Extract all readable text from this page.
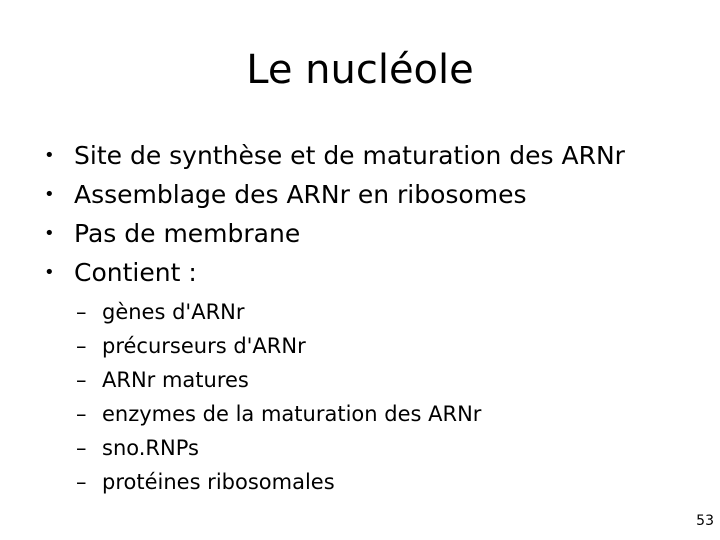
Le nucléole
• Site de synthèse et de maturation des ARNr
• Assemblage des ARNr en ribosomes
• Pas de membrane
• Contient :
– gènes d'ARNr
– précurseurs d'ARNr
– ARNr matures
– enzymes de la maturation des ARNr
– sno.RNPs
– protéines ribosomales
53
